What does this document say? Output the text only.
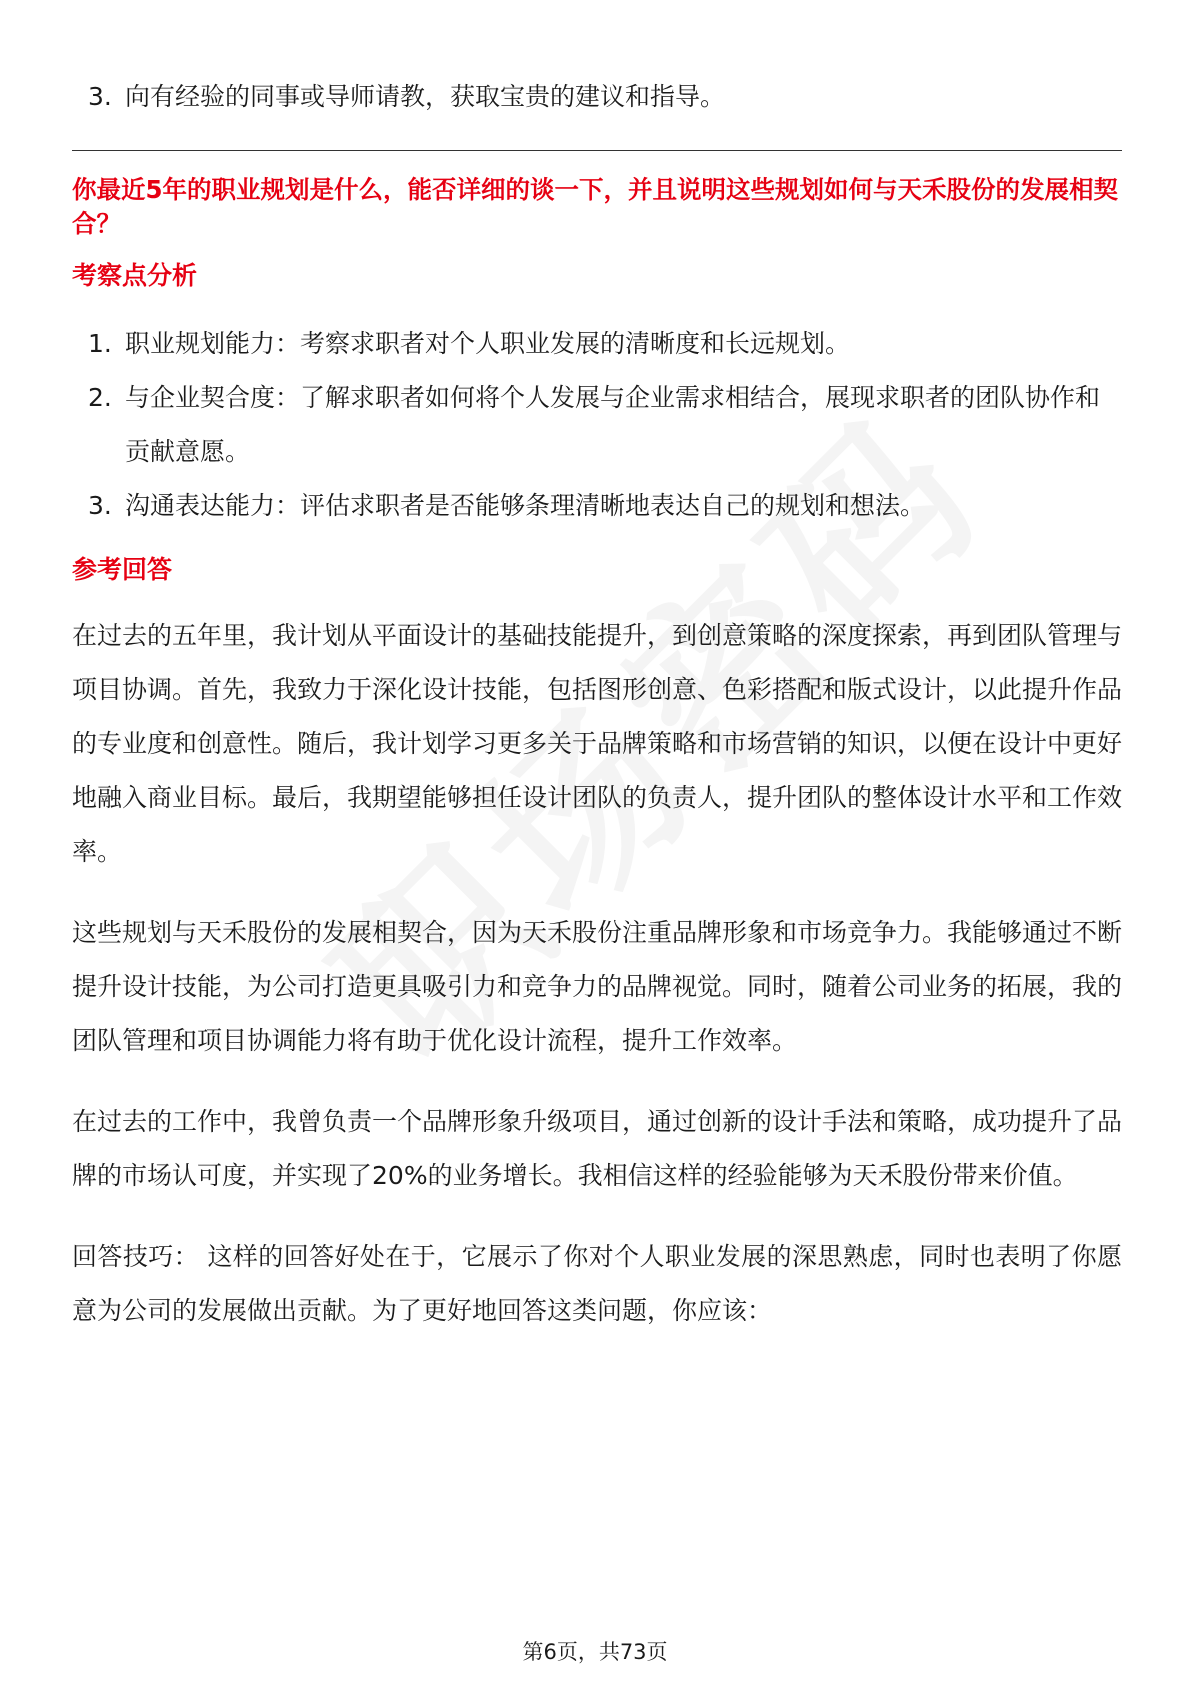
3. 向有经验的同事或导师请教，获取宝贵的建议和指导。
你最近5年的职业规划是什么，能否详细的谈一下，并且说明这些规划如何与天禾股份的发展相契合？
考察点分析
1. 职业规划能力：考察求职者对个人职业发展的清晰度和长远规划。
2. 与企业契合度：了解求职者如何将个人发展与企业需求相结合，展现求职者的团队协作和贡献意愿。
3. 沟通表达能力：评估求职者是否能够条理清晰地表达自己的规划和想法。
参考回答

在过去的五年里，我计划从平面设计的基础技能提升，到创意策略的深度探索，再到团队管理与项目协调。首先，我致力于深化设计技能，包括图形创意、色彩搭配和版式设计，以此提升作品的专业度和创意性。随后，我计划学习更多关于品牌策略和市场营销的知识，以便在设计中更好地融入商业目标。最后，我期望能够担任设计团队的负责人，提升团队的整体设计水平和工作效率。

这些规划与天禾股份的发展相契合，因为天禾股份注重品牌形象和市场竞争力。我能够通过不断提升设计技能，为公司打造更具吸引力和竞争力的品牌视觉。同时，随着公司业务的拓展，我的团队管理和项目协调能力将有助于优化设计流程，提升工作效率。

在过去的工作中，我曾负责一个品牌形象升级项目，通过创新的设计手法和策略，成功提升了品牌的市场认可度，并实现了20%的业务增长。我相信这样的经验能够为天禾股份带来价值。

回答技巧： 这样的回答好处在于，它展示了你对个人职业发展的深思熟虑，同时也表明了你愿意为公司的发展做出贡献。为了更好地回答这类问题，你应该：

第6页，共73页
